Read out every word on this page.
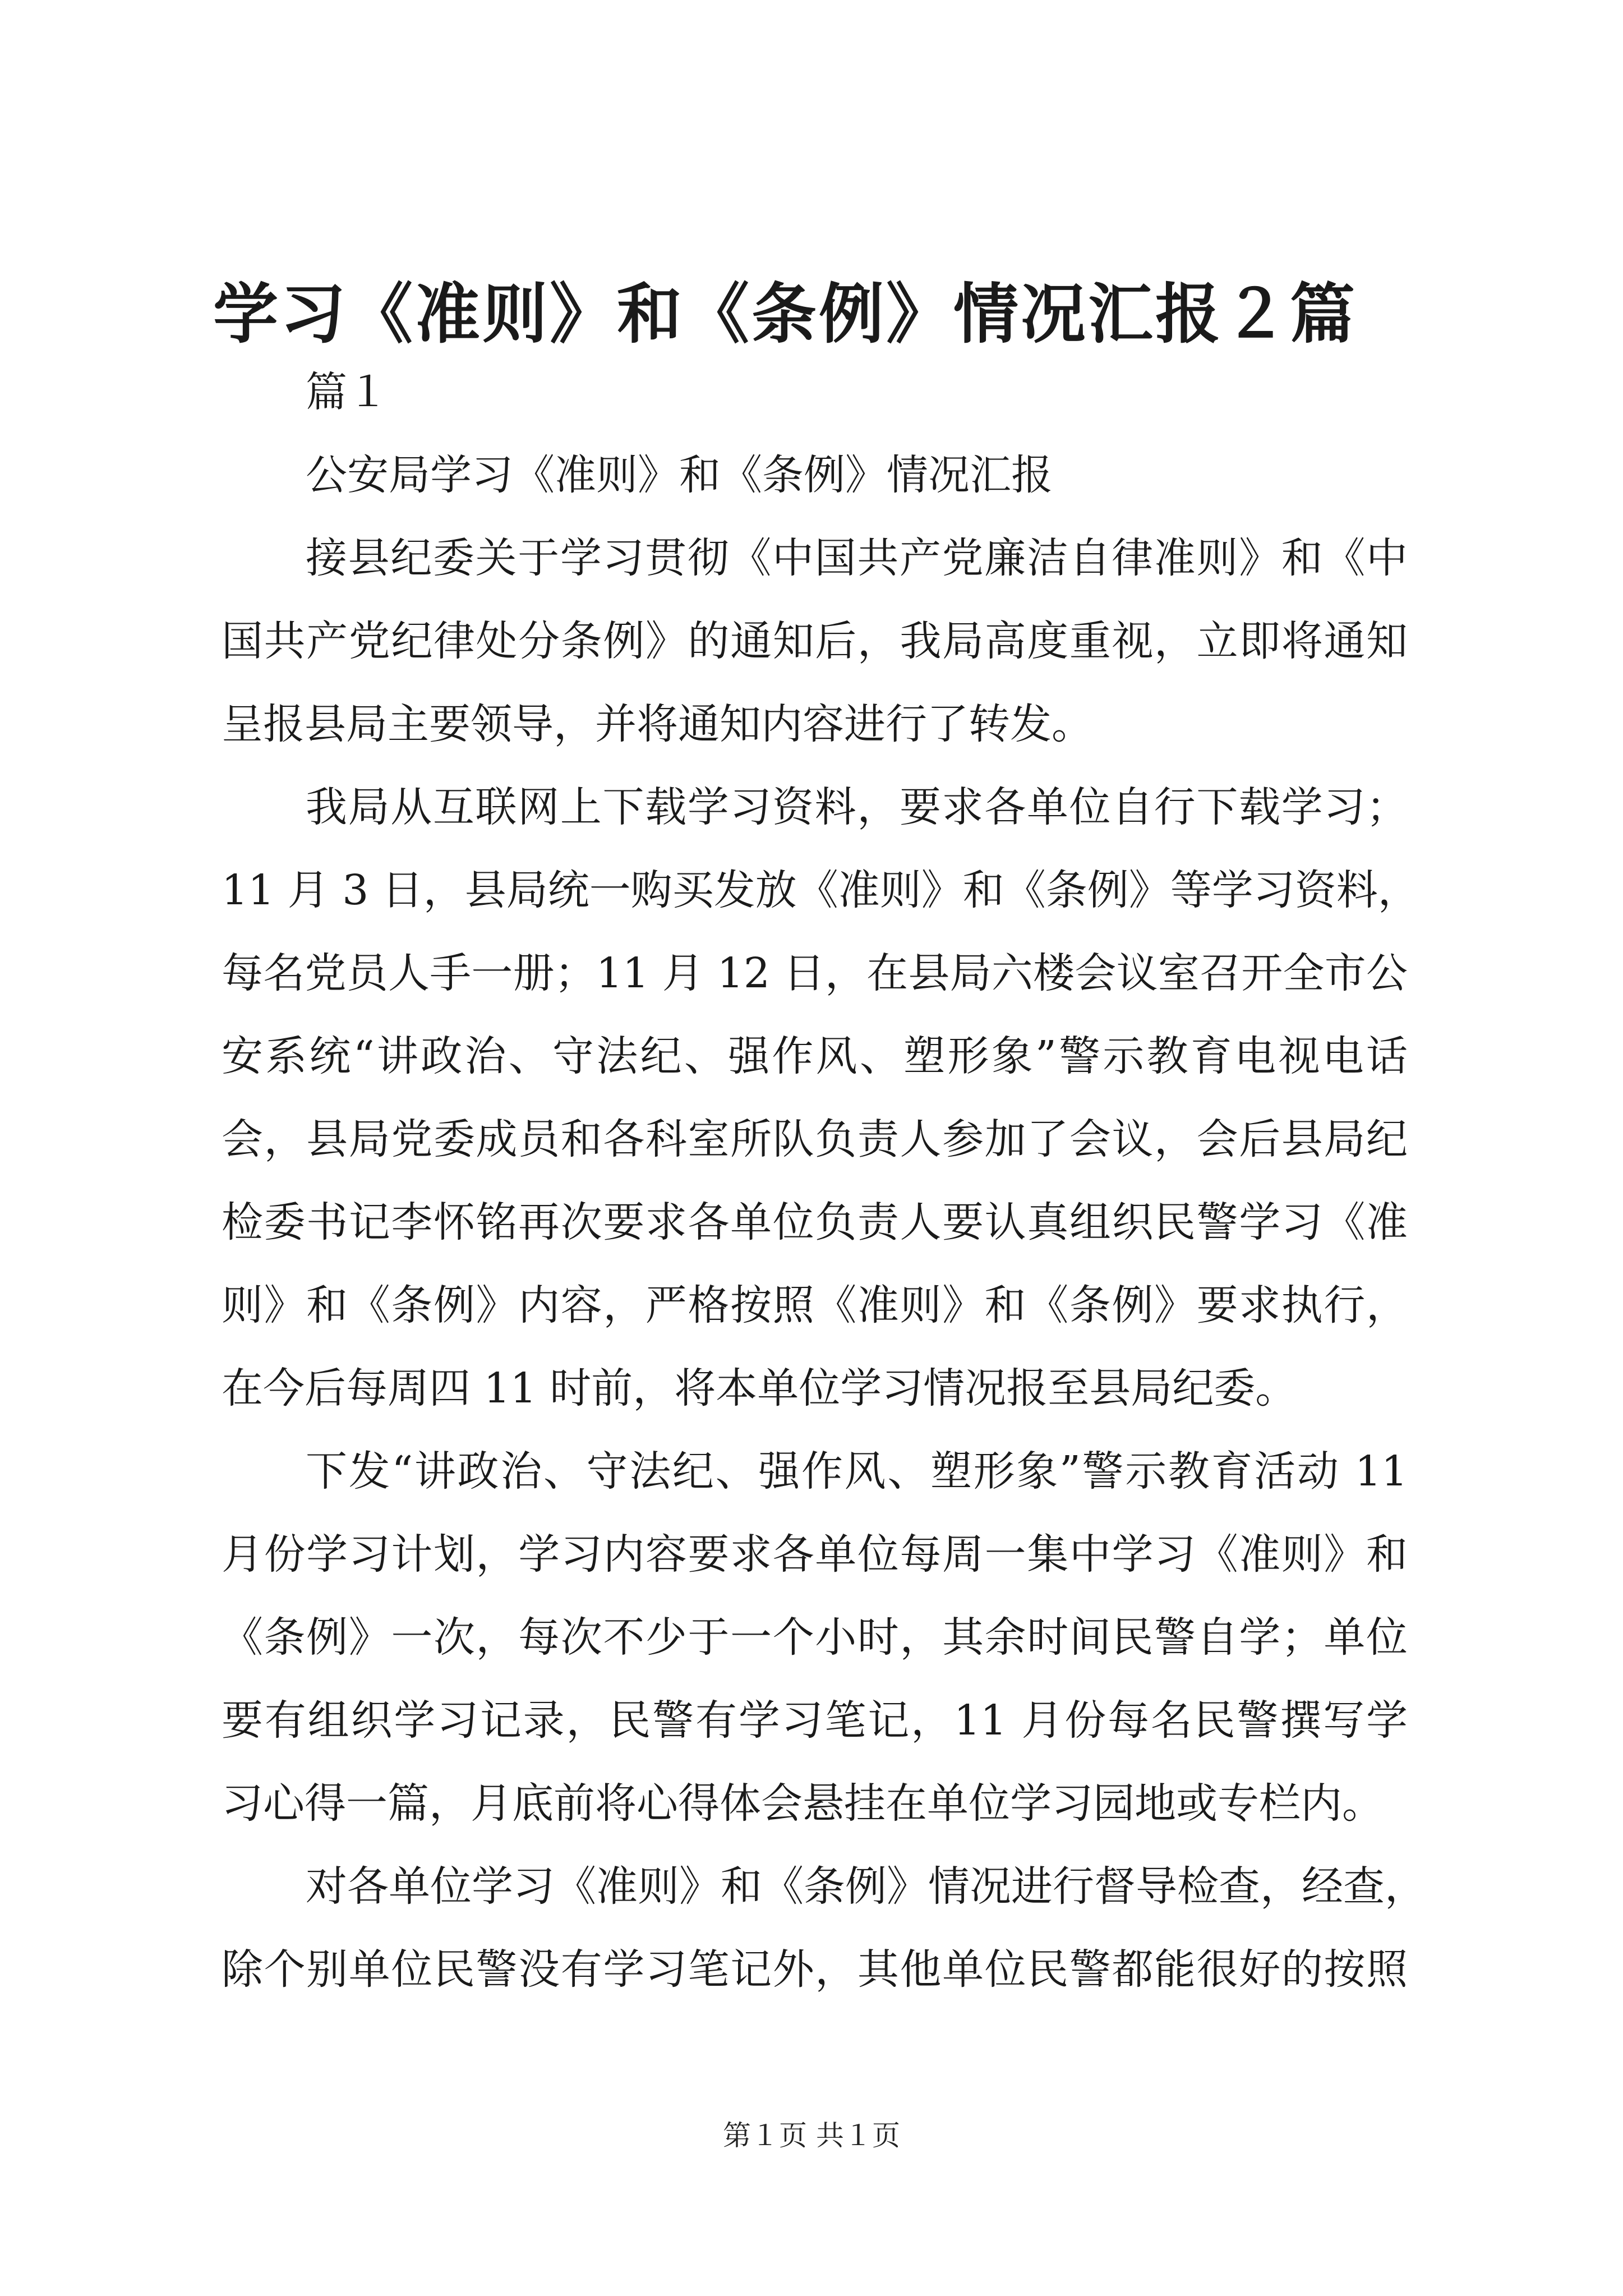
学习《准则》和《条例》情况汇报２篇
篇１
公安局学习《准则》和《条例》情况汇报
接县纪委关于学习贯彻《中国共产党廉洁自律准则》和《中
国共产党纪律处分条例》的通知后，我局高度重视，立即将通知
呈报县局主要领导，并将通知内容进行了转发。
我局从互联网上下载学习资料，要求各单位自行下载学习；
11 月 3 日，县局统一购买发放《准则》和《条例》等学习资料，
每名党员人手一册；11 月 12 日，在县局六楼会议室召开全市公
安系统“讲政治、守法纪、强作风、塑形象”警示教育电视电话
会，县局党委成员和各科室所队负责人参加了会议，会后县局纪
检委书记李怀铭再次要求各单位负责人要认真组织民警学习《准
则》和《条例》内容，严格按照《准则》和《条例》要求执行，
在今后每周四 11 时前，将本单位学习情况报至县局纪委。
下发“讲政治、守法纪、强作风、塑形象”警示教育活动 11
月份学习计划，学习内容要求各单位每周一集中学习《准则》和
《条例》一次，每次不少于一个小时，其余时间民警自学；单位
要有组织学习记录，民警有学习笔记，11 月份每名民警撰写学
习心得一篇，月底前将心得体会悬挂在单位学习园地或专栏内。
对各单位学习《准则》和《条例》情况进行督导检查，经查，
除个别单位民警没有学习笔记外，其他单位民警都能很好的按照
第１页 共１页
